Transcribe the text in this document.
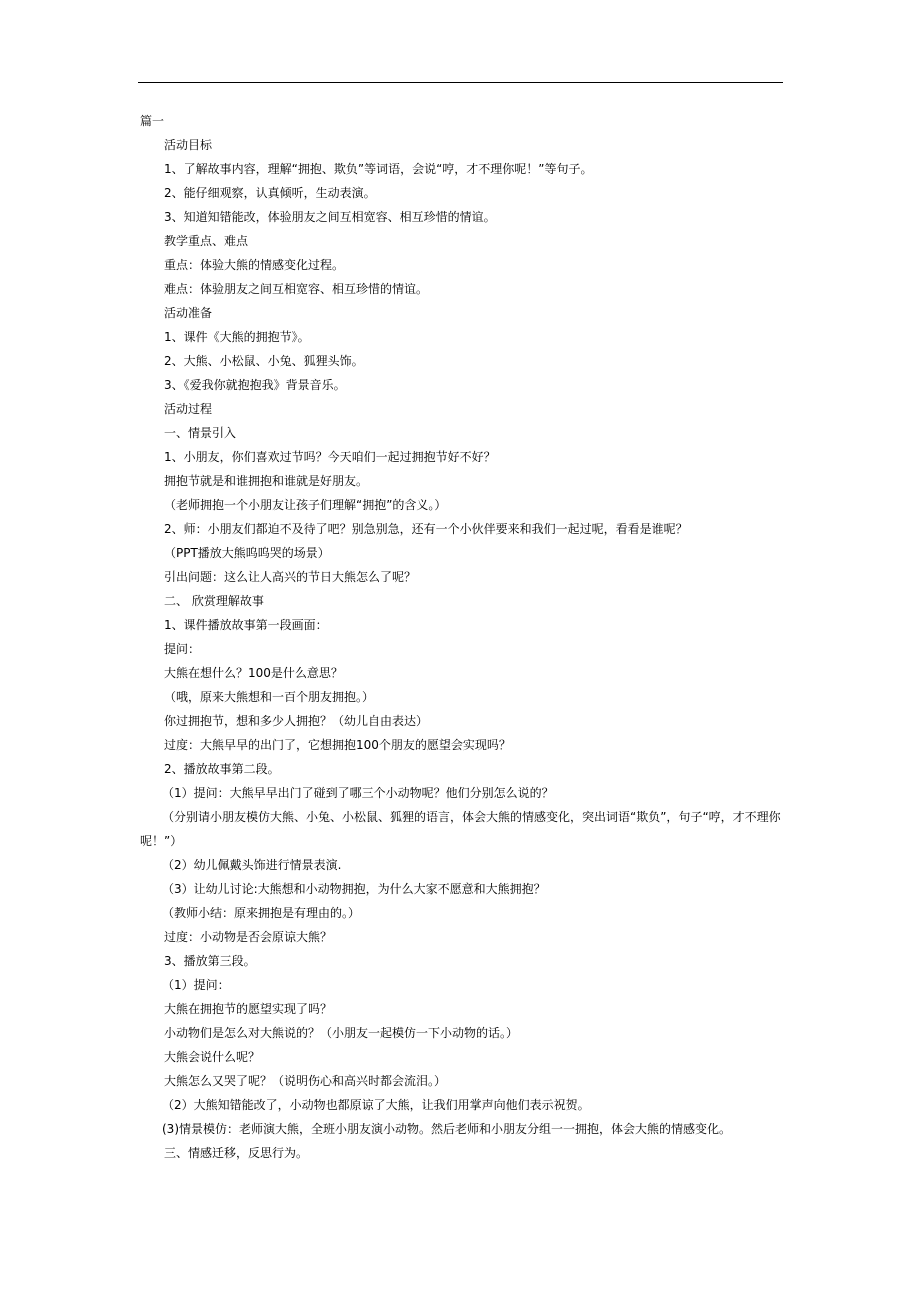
篇一
活动目标
1、了解故事内容，理解“拥抱、欺负”等词语，会说“哼，才不理你呢！”等句子。
2、能仔细观察，认真倾听，生动表演。
3、知道知错能改，体验朋友之间互相宽容、相互珍惜的情谊。
教学重点、难点
重点：体验大熊的情感变化过程。
难点：体验朋友之间互相宽容、相互珍惜的情谊。
活动准备
1、课件《大熊的拥抱节》。
2、大熊、小松鼠、小兔、狐狸头饰。
3、《爱我你就抱抱我》背景音乐。
活动过程
一、情景引入
1、小朋友，你们喜欢过节吗？今天咱们一起过拥抱节好不好？
拥抱节就是和谁拥抱和谁就是好朋友。
（老师拥抱一个小朋友让孩子们理解“拥抱”的含义。）
2、师：小朋友们都迫不及待了吧？别急别急，还有一个小伙伴要来和我们一起过呢，看看是谁呢？
（PPT播放大熊呜呜哭的场景）
引出问题：这么让人高兴的节日大熊怎么了呢？
二、 欣赏理解故事
1、课件播放故事第一段画面：
提问：
大熊在想什么？100是什么意思？
（哦，原来大熊想和一百个朋友拥抱。）
你过拥抱节，想和多少人拥抱？（幼儿自由表达）
过度：大熊早早的出门了，它想拥抱100个朋友的愿望会实现吗？
2、播放故事第二段。
（1）提问：大熊早早出门了碰到了哪三个小动物呢？他们分别怎么说的？
（分别请小朋友模仿大熊、小兔、小松鼠、狐狸的语言，体会大熊的情感变化，突出词语“欺负”，句子“哼，才不理你呢！”）
（2）幼儿佩戴头饰进行情景表演.
（3）让幼儿讨论:大熊想和小动物拥抱，为什么大家不愿意和大熊拥抱？
（教师小结：原来拥抱是有理由的。）
过度：小动物是否会原谅大熊？
3、播放第三段。
（1）提问：
大熊在拥抱节的愿望实现了吗？
小动物们是怎么对大熊说的？（小朋友一起模仿一下小动物的话。）
大熊会说什么呢？
大熊怎么又哭了呢？（说明伤心和高兴时都会流泪。）
（2）大熊知错能改了，小动物也都原谅了大熊，让我们用掌声向他们表示祝贺。
(3)情景模仿：老师演大熊，全班小朋友演小动物。然后老师和小朋友分组一一拥抱，体会大熊的情感变化。
三、情感迁移，反思行为。
